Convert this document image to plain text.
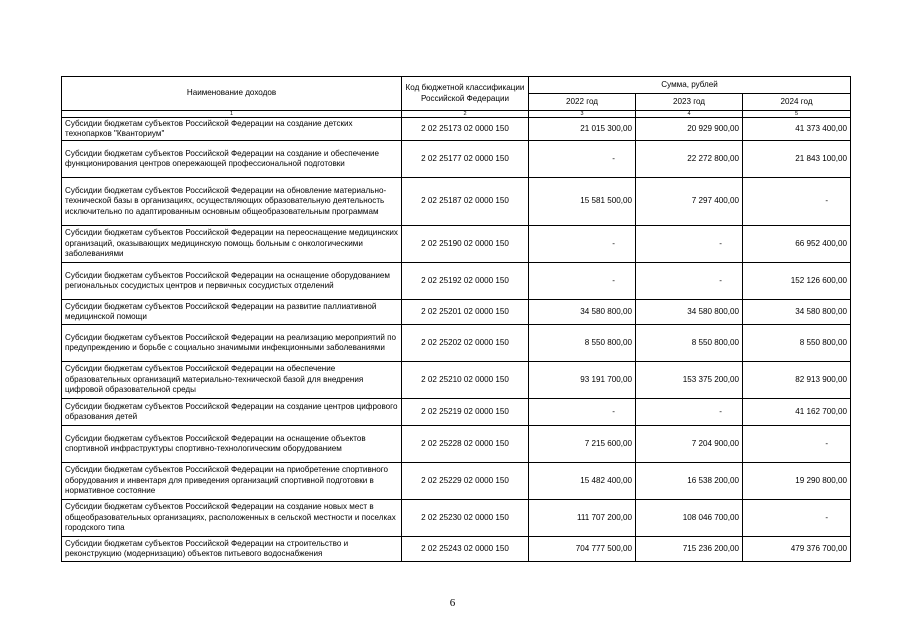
Наименование доходов	Код бюджетной классификации Российской Федерации	Сумма, рублей		
		2022 год	2023 год	2024 год
1	2	3	4	5
Субсидии бюджетам субъектов Российской Федерации на создание детских технопарков "Кванториум"	2 02 25173 02 0000 150	21 015 300,00	20 929 900,00	41 373 400,00
Субсидии бюджетам субъектов Российской Федерации на создание и обеспечение функционирования центров опережающей профессиональной подготовки	2 02 25177 02 0000 150	-	22 272 800,00	21 843 100,00
Субсидии бюджетам субъектов Российской Федерации на обновление материально-технической базы в организациях, осуществляющих образовательную деятельность исключительно по адаптированным основным общеобразовательным программам	2 02 25187 02 0000 150	15 581 500,00	7 297 400,00	-
Субсидии бюджетам субъектов Российской Федерации на переоснащение медицинских организаций, оказывающих медицинскую помощь больным с онкологическими заболеваниями	2 02 25190 02 0000 150	-	-	66 952 400,00
Субсидии бюджетам субъектов Российской Федерации на оснащение оборудованием региональных сосудистых центров и первичных сосудистых отделений	2 02 25192 02 0000 150	-	-	152 126 600,00
Субсидии бюджетам субъектов Российской Федерации на развитие паллиативной медицинской помощи	2 02 25201 02 0000 150	34 580 800,00	34 580 800,00	34 580 800,00
Субсидии бюджетам субъектов Российской Федерации на реализацию мероприятий по предупреждению и борьбе с социально значимыми инфекционными заболеваниями	2 02 25202 02 0000 150	8 550 800,00	8 550 800,00	8 550 800,00
Субсидии бюджетам субъектов Российской Федерации на обеспечение образовательных организаций материально-технической базой для внедрения цифровой образовательной среды	2 02 25210 02 0000 150	93 191 700,00	153 375 200,00	82 913 900,00
Субсидии бюджетам субъектов Российской Федерации на создание центров цифрового образования детей	2 02 25219 02 0000 150	-	-	41 162 700,00
Субсидии бюджетам субъектов Российской Федерации на оснащение объектов спортивной инфраструктуры спортивно-технологическим оборудованием	2 02 25228 02 0000 150	7 215 600,00	7 204 900,00	-
Субсидии бюджетам субъектов Российской Федерации на приобретение спортивного оборудования и инвентаря для приведения организаций спортивной подготовки в нормативное состояние	2 02 25229 02 0000 150	15 482 400,00	16 538 200,00	19 290 800,00
Субсидии бюджетам субъектов Российской Федерации на создание новых мест в общеобразовательных организациях, расположенных в сельской местности и поселках городского типа	2 02 25230 02 0000 150	111 707 200,00	108 046 700,00	-
Субсидии бюджетам субъектов Российской Федерации на строительство и реконструкцию (модернизацию) объектов питьевого водоснабжения	2 02 25243 02 0000 150	704 777 500,00	715 236 200,00	479 376 700,00
6
